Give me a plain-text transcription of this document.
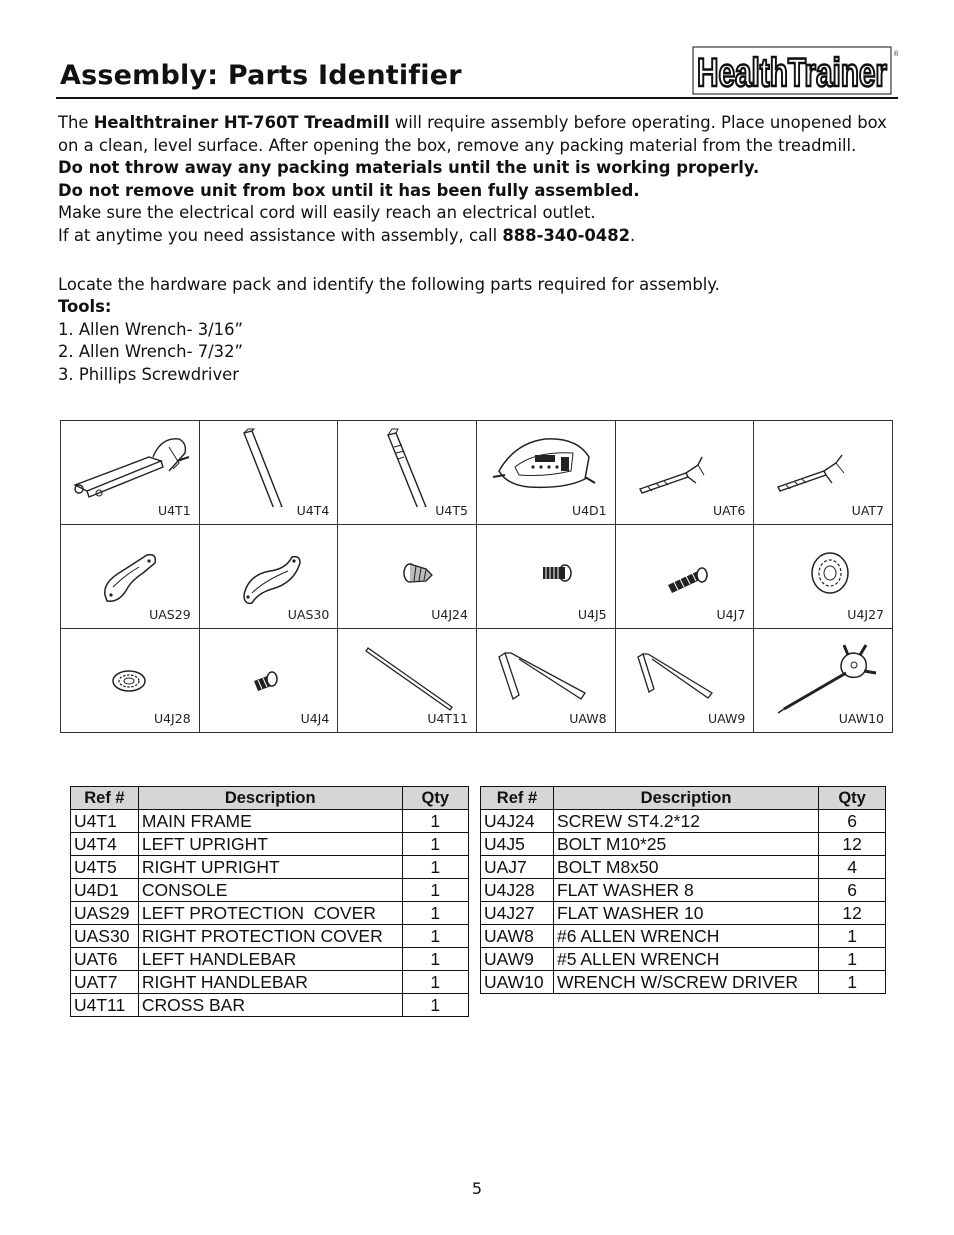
Assembly: Parts Identifier	HealthTrainer ®

The Healthtrainer HT-760T Treadmill will require assembly before operating. Place unopened box on a clean, level surface. After opening the box, remove any packing material from the treadmill.

Do not throw away any packing materials until the unit is working properly.

Do not remove unit from box until it has been fully assembled.

Make sure the electrical cord will easily reach an electrical outlet.

If at anytime you need assistance with assembly, call 888-340-0482.

Locate the hardware pack and identify the following parts required for assembly.

Tools:

1. Allen Wrench- 3/16”

2. Allen Wrench- 7/32”

3. Phillips Screwdriver

U4T1	U4T4	U4T5	U4D1	UAT6	UAT7

UAS29	UAS30	U4J24	U4J5	U4J7	U4J27

U4J28	U4J4	U4T11	UAW8	UAW9	UAW10
Ref #	Description	Qty
U4T1	MAIN FRAME	1
U4T4	LEFT UPRIGHT	1
U4T5	RIGHT UPRIGHT	1
U4D1	CONSOLE	1
UAS29	LEFT PROTECTION  COVER	1
UAS30	RIGHT PROTECTION COVER	1
UAT6	LEFT HANDLEBAR	1
UAT7	RIGHT HANDLEBAR	1
U4T11	CROSS BAR	1
Ref #	Description	Qty
U4J24	SCREW ST4.2*12	6
U4J5	BOLT M10*25	12
UAJ7	BOLT M8x50	4
U4J28	FLAT WASHER 8	6
U4J27	FLAT WASHER 10	12
UAW8	#6 ALLEN WRENCH	1
UAW9	#5 ALLEN WRENCH	1
UAW10	WRENCH W/SCREW DRIVER	1
5
